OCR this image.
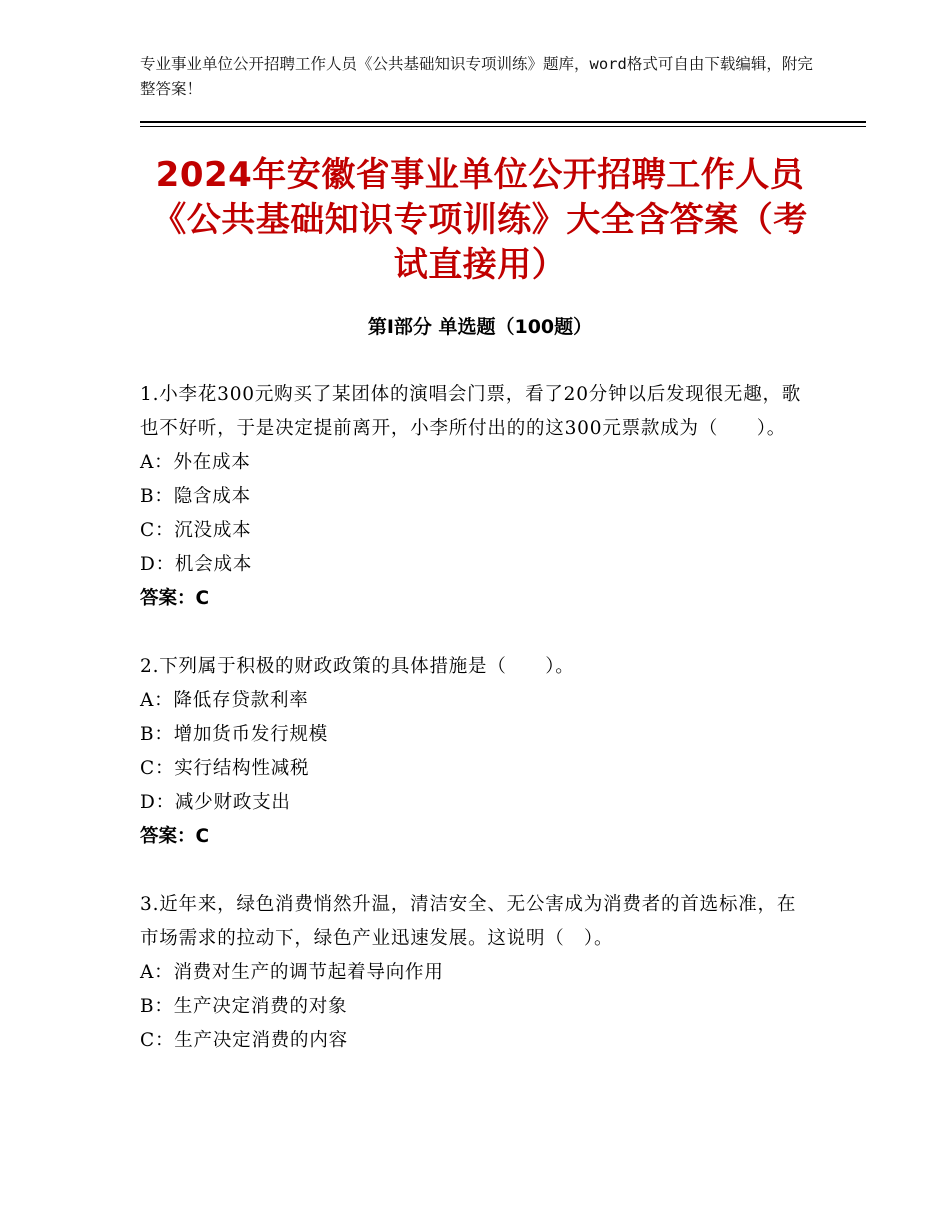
专业事业单位公开招聘工作人员《公共基础知识专项训练》题库，word格式可自由下载编辑，附完整答案！
2024年安徽省事业单位公开招聘工作人员《公共基础知识专项训练》大全含答案（考试直接用）
第Ⅰ部分 单选题（100题）
1.小李花300元购买了某团体的演唱会门票，看了20分钟以后发现很无趣，歌也不好听，于是决定提前离开，小李所付出的的这300元票款成为（　　）。
A：外在成本
B：隐含成本
C：沉没成本
D：机会成本
答案：C
2.下列属于积极的财政政策的具体措施是（　　）。
A：降低存贷款利率
B：增加货币发行规模
C：实行结构性减税
D：减少财政支出
答案：C
3.近年来，绿色消费悄然升温，清洁安全、无公害成为消费者的首选标准，在市场需求的拉动下，绿色产业迅速发展。这说明（　）。
A：消费对生产的调节起着导向作用
B：生产决定消费的对象
C：生产决定消费的内容
